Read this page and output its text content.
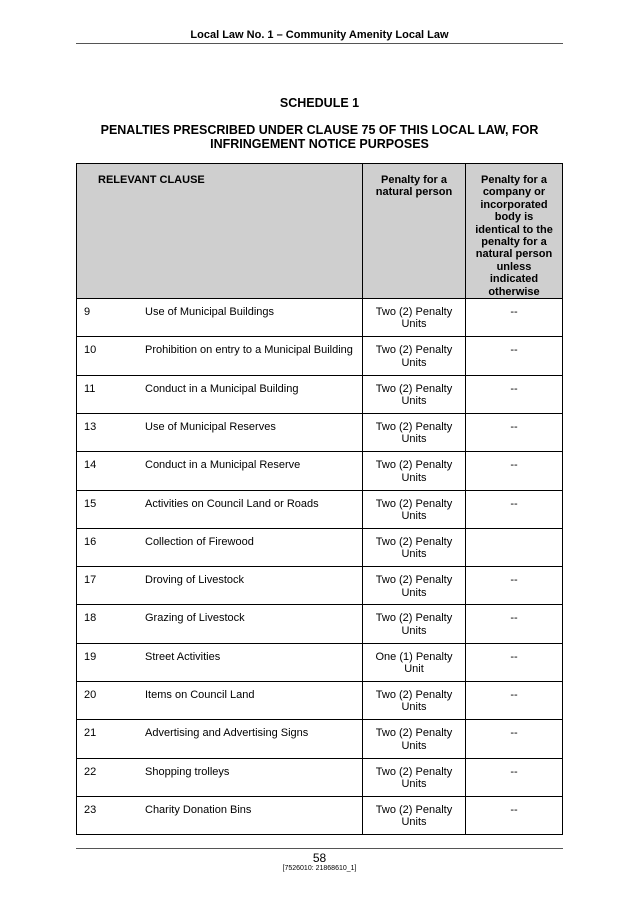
Local Law No. 1 – Community Amenity Local Law
SCHEDULE 1
PENALTIES PRESCRIBED UNDER CLAUSE 75 OF THIS LOCAL LAW, FOR INFRINGEMENT NOTICE PURPOSES
RELEVANT CLAUSE	Penalty for a natural person	Penalty for a company or incorporated body is identical to the penalty for a natural person unless indicated otherwise

9 Use of Municipal Buildings	Two (2) Penalty Units	--

10 Prohibition on entry to a Municipal Building	Two (2) Penalty Units	--

11 Conduct in a Municipal Building	Two (2) Penalty Units	--

13 Use of Municipal Reserves	Two (2) Penalty Units	--

14 Conduct in a Municipal Reserve	Two (2) Penalty Units	--

15 Activities on Council Land or Roads	Two (2) Penalty Units	--

16 Collection of Firewood	Two (2) Penalty Units	

17 Droving of Livestock	Two (2) Penalty Units	--

18 Grazing of Livestock	Two (2) Penalty Units	--

19 Street Activities	One (1) Penalty Unit	--

20 Items on Council Land	Two (2) Penalty Units	--

21 Advertising and Advertising Signs	Two (2) Penalty Units	--

22 Shopping trolleys	Two (2) Penalty Units	--

23 Charity Donation Bins	Two (2) Penalty Units	--
58
[7526010: 21868610_1]
